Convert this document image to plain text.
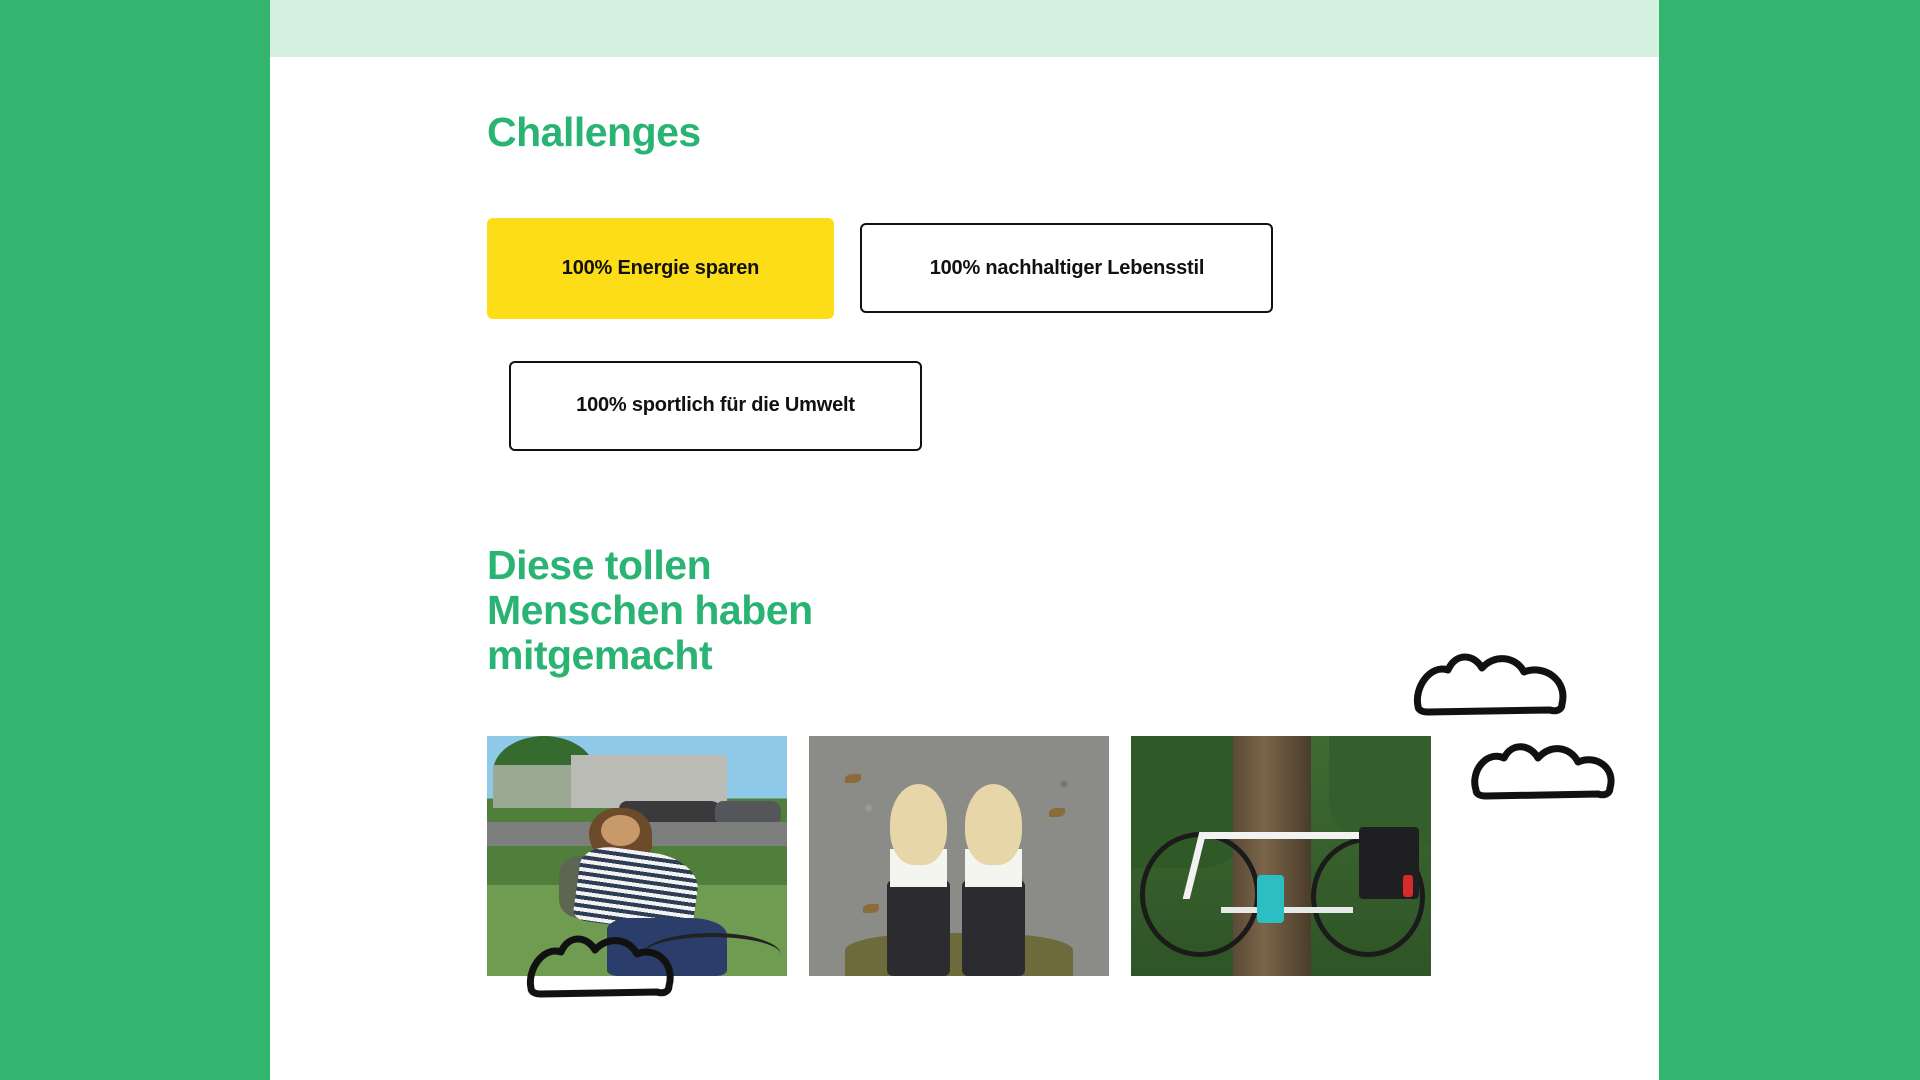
Challenges
100% Energie sparen	100% nachhaltiger Lebensstil 100% sportlich für die Umwelt
Diese tollen
Menschen haben
mitgemacht
